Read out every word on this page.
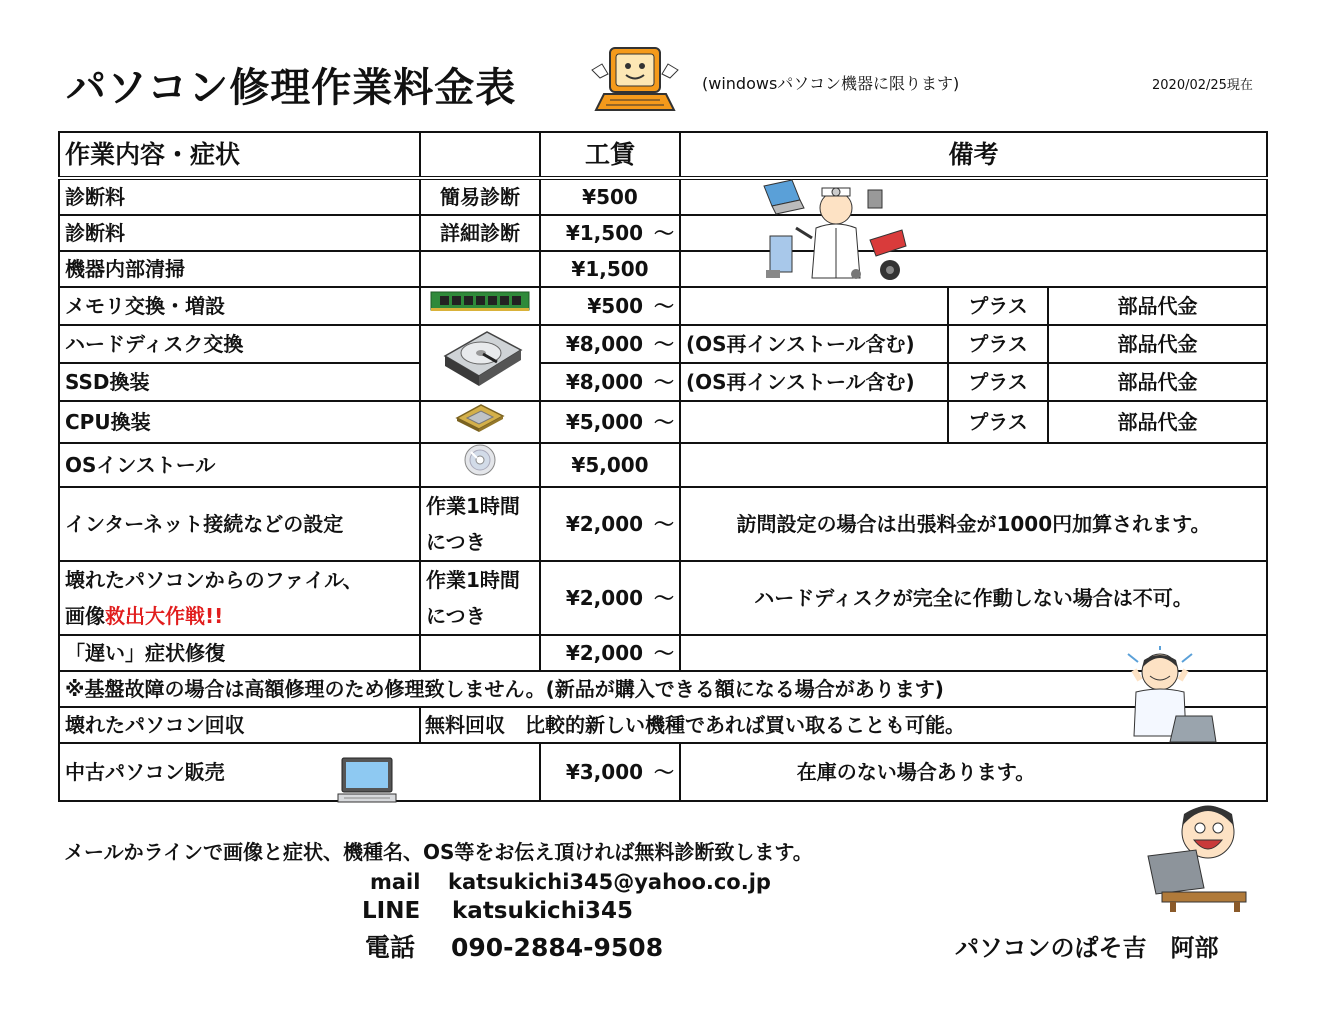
パソコン修理作業料金表	(windowsパソコン機器に限ります)	2020/02/25現在
作業内容・症状		工賃	備考		
診断料	簡易診断	¥500			
診断料	詳細診断	¥1,500 〜			
機器内部清掃		¥1,500			
メモリ交換・増設		¥500 〜		プラス	部品代金
ハードディスク交換		¥8,000 〜	(OS再インストール含む)	プラス	部品代金
SSD換装		¥8,000 〜	(OS再インストール含む)	プラス	部品代金
CPU換装		¥5,000 〜		プラス	部品代金
OSインストール		¥5,000			
インターネット接続などの設定	作業1時間
につき	¥2,000 〜	訪問設定の場合は出張料金が1000円加算されます。		
壊れたパソコンからのファイル、
画像救出大作戦!!	作業1時間
につき	¥2,000 〜	ハードディスクが完全に作動しない場合は不可。		
「遅い」症状修復		¥2,000 〜			
※基盤故障の場合は高額修理のため修理致しません。(新品が購入できる額になる場合があります)					
壊れたパソコン回収	無料回収　比較的新しい機種であれば買い取ることも可能。				
中古パソコン販売		¥3,000 〜	在庫のない場合あります。		
メールかラインで画像と症状、機種名、OS等をお伝え頂ければ無料診断致します。
mail katsukichi345@yahoo.co.jp
LINE katsukichi345
電話 090-2884-9508	パソコンのぱそ吉　阿部
